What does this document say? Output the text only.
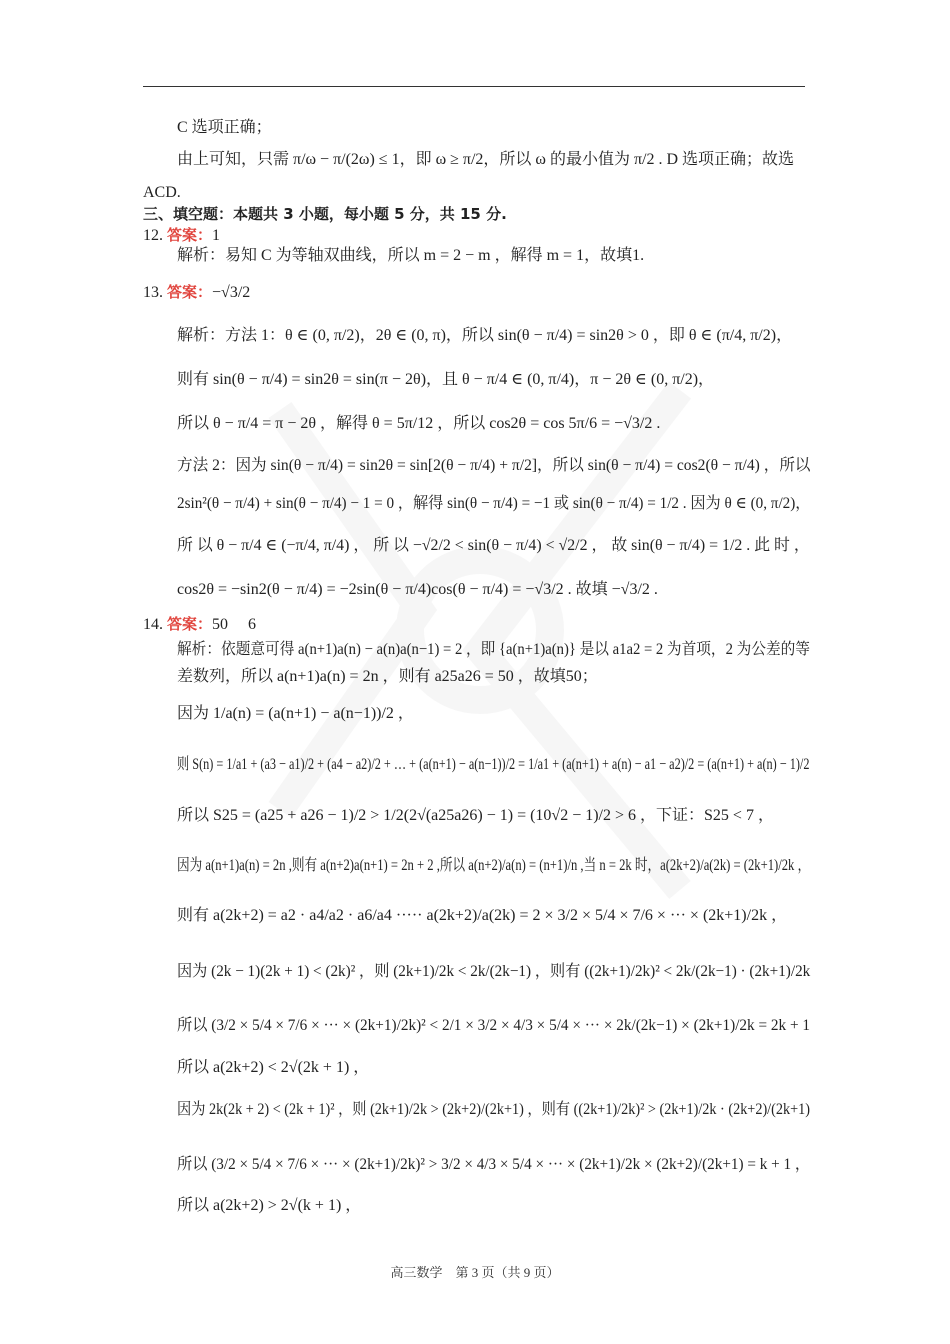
C 选项正确；
由上可知，只需 π/ω − π/(2ω) ≤ 1，即 ω ≥ π/2，所以 ω 的最小值为 π/2 . D 选项正确；故选
ACD.
三、填空题：本题共 3 小题，每小题 5 分，共 15 分.
12. 答案：1
解析：易知 C 为等轴双曲线，所以 m = 2 − m ，解得 m = 1，故填1.
13. 答案：−√3/2
解析：方法 1：θ ∈ (0, π/2)，2θ ∈ (0, π)，所以 sin(θ − π/4) = sin2θ > 0 ，即 θ ∈ (π/4, π/2)，
则有 sin(θ − π/4) = sin2θ = sin(π − 2θ)，且 θ − π/4 ∈ (0, π/4)，π − 2θ ∈ (0, π/2)，
所以 θ − π/4 = π − 2θ ，解得 θ = 5π/12 ，所以 cos2θ = cos 5π/6 = −√3/2 .
方法 2：因为 sin(θ − π/4) = sin2θ = sin[2(θ − π/4) + π/2]，所以 sin(θ − π/4) = cos2(θ − π/4) ，所以
2sin²(θ − π/4) + sin(θ − π/4) − 1 = 0 ，解得 sin(θ − π/4) = −1 或 sin(θ − π/4) = 1/2 . 因为 θ ∈ (0, π/2)，
所 以 θ − π/4 ∈ (−π/4, π/4) ， 所 以 −√2/2 < sin(θ − π/4) < √2/2 ， 故 sin(θ − π/4) = 1/2 . 此 时 ，
cos2θ = −sin2(θ − π/4) = −2sin(θ − π/4)cos(θ − π/4) = −√3/2 . 故填 −√3/2 .
14. 答案：50　 6
解析：依题意可得 a(n+1)a(n) − a(n)a(n−1) = 2 ，即 {a(n+1)a(n)} 是以 a1a2 = 2 为首项，2 为公差的等
差数列，所以 a(n+1)a(n) = 2n ，则有 a25a26 = 50 ，故填50；
因为 1/a(n) = (a(n+1) − a(n−1))/2 ，
则 S(n) = 1/a1 + (a3 − a1)/2 + (a4 − a2)/2 + … + (a(n+1) − a(n−1))/2 = 1/a1 + (a(n+1) + a(n) − a1 − a2)/2 = (a(n+1) + a(n) − 1)/2
所以 S25 = (a25 + a26 − 1)/2 > 1/2(2√(a25a26) − 1) = (10√2 − 1)/2 > 6 ，下证：S25 < 7 ，
因为 a(n+1)a(n) = 2n ,则有 a(n+2)a(n+1) = 2n + 2 ,所以 a(n+2)/a(n) = (n+1)/n ,当 n = 2k 时，a(2k+2)/a(2k) = (2k+1)/2k ，
则有 a(2k+2) = a2 · a4/a2 · a6/a4 ····· a(2k+2)/a(2k) = 2 × 3/2 × 5/4 × 7/6 × ··· × (2k+1)/2k ，
因为 (2k − 1)(2k + 1) < (2k)² ，则 (2k+1)/2k < 2k/(2k−1) ，则有 ((2k+1)/2k)² < 2k/(2k−1) · (2k+1)/2k
所以 (3/2 × 5/4 × 7/6 × ··· × (2k+1)/2k)² < 2/1 × 3/2 × 4/3 × 5/4 × ··· × 2k/(2k−1) × (2k+1)/2k = 2k + 1
所以 a(2k+2) < 2√(2k + 1) ，
因为 2k(2k + 2) < (2k + 1)² ，则 (2k+1)/2k > (2k+2)/(2k+1) ，则有 ((2k+1)/2k)² > (2k+1)/2k · (2k+2)/(2k+1)
所以 (3/2 × 5/4 × 7/6 × ··· × (2k+1)/2k)² > 3/2 × 4/3 × 5/4 × ··· × (2k+1)/2k × (2k+2)/(2k+1) = k + 1 ，
所以 a(2k+2) > 2√(k + 1) ，
高三数学　第 3 页（共 9 页）
